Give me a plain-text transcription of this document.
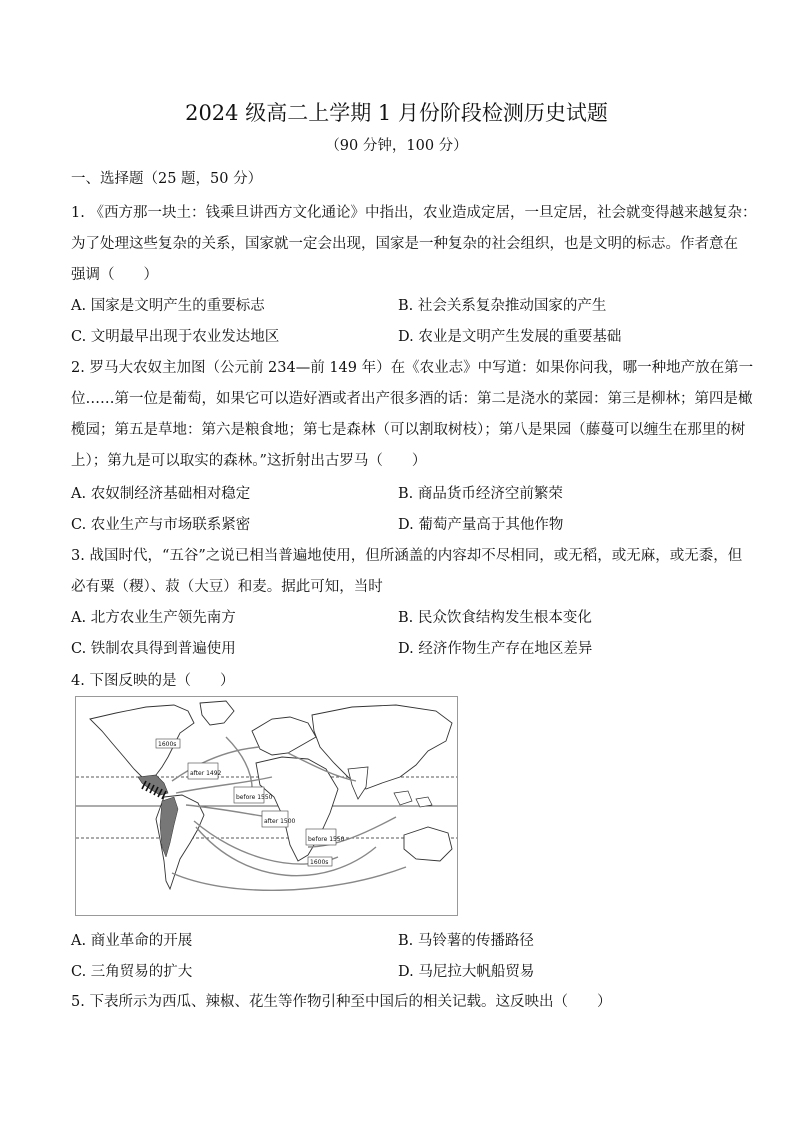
2024 级高二上学期 1 月份阶段检测历史试题
（90 分钟，100 分）
一、选择题（25 题，50 分）
1. 《西方那一块土：钱乘旦讲西方文化通论》中指出，农业造成定居，一旦定居，社会就变得越来越复杂：
为了处理这些复杂的关系，国家就一定会出现，国家是一种复杂的社会组织，也是文明的标志。作者意在
强调（　　）
A. 国家是文明产生的重要标志	B. 社会关系复杂推动国家的产生
C. 文明最早出现于农业发达地区	D. 农业是文明产生发展的重要基础
2. 罗马大农奴主加图（公元前 234—前 149 年）在《农业志》中写道：如果你问我，哪一种地产放在第一
位……第一位是葡萄，如果它可以造好酒或者出产很多酒的话：第二是浇水的菜园：第三是柳林；第四是橄
榄园；第五是草地：第六是粮食地；第七是森林（可以割取树枝）；第八是果园（藤蔓可以缠生在那里的树
上）；第九是可以取实的森林。”这折射出古罗马（　　）
A. 农奴制经济基础相对稳定	B. 商品货币经济空前繁荣
C. 农业生产与市场联系紧密	D. 葡萄产量高于其他作物
3. 战国时代，“五谷”之说已相当普遍地使用，但所涵盖的内容却不尽相同，或无稻，或无麻，或无黍，但
必有粟（稷）、菽（大豆）和麦。据此可知，当时
A. 北方农业生产领先南方	B. 民众饮食结构发生根本变化
C. 铁制农具得到普遍使用	D. 经济作物生产存在地区差异
4. 下图反映的是（　　）
1600s
after 1492
before 1550
after 1500
before 1550
1600s
A. 商业革命的开展	B. 马铃薯的传播路径
C. 三角贸易的扩大	D. 马尼拉大帆船贸易
5. 下表所示为西瓜、辣椒、花生等作物引种至中国后的相关记载。这反映出（　　）
